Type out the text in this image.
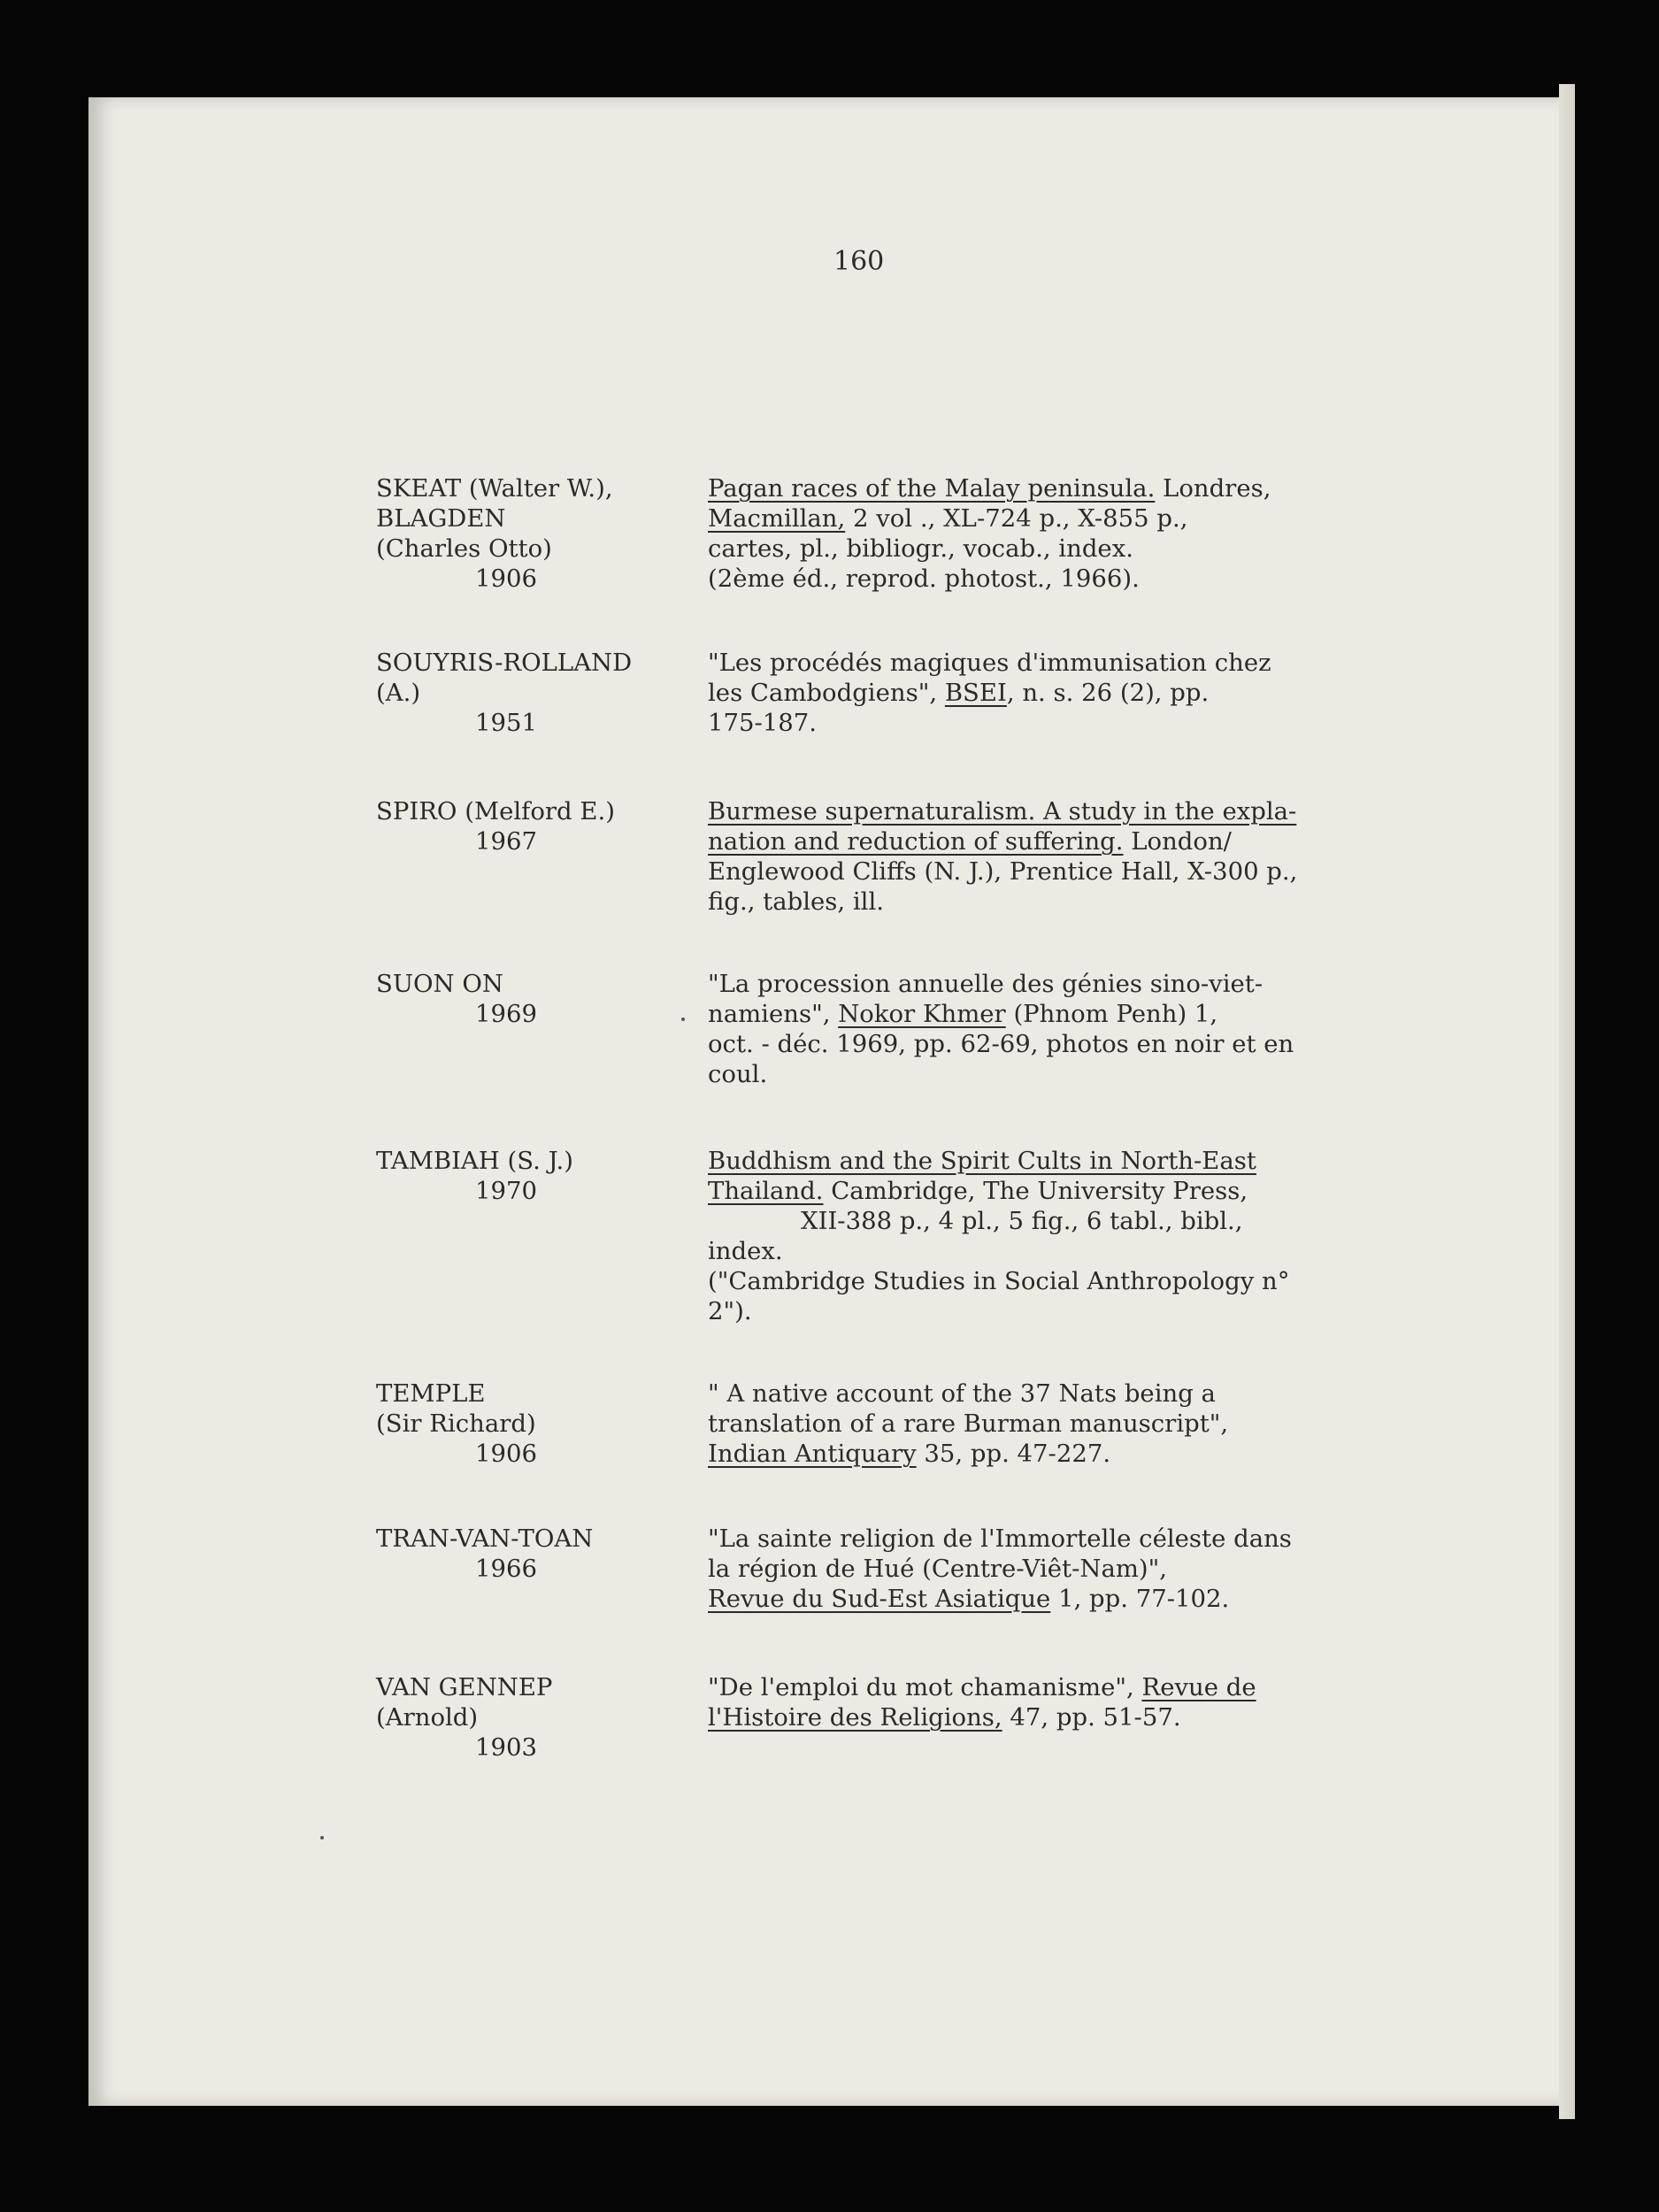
160
SKEAT (Walter W.),
BLAGDEN
(Charles Otto)
1906
Pagan races of the Malay peninsula. Londres,
Macmillan, 2 vol ., XL-724 p., X-855 p.,
cartes, pl., bibliogr., vocab., index.
(2ème éd., reprod. photost., 1966).
SOUYRIS-ROLLAND
(A.)
1951
"Les procédés magiques d'immunisation chez
les Cambodgiens", BSEI, n. s. 26 (2), pp.
175-187.
SPIRO (Melford E.)
1967
Burmese supernaturalism. A study in the expla-
nation and reduction of suffering. London/
Englewood Cliffs (N. J.), Prentice Hall, X-300 p.,
fig., tables, ill.
SUON ON
1969
"La procession annuelle des génies sino-viet-
namiens", Nokor Khmer (Phnom Penh) 1,
oct. - déc. 1969, pp. 62-69, photos en noir et en
coul.
TAMBIAH (S. J.)
1970
Buddhism and the Spirit Cults in North-East
Thailand. Cambridge, The University Press,
XII-388 p., 4 pl., 5 fig., 6 tabl., bibl.,
index.
("Cambridge Studies in Social Anthropology n°
2").
TEMPLE
(Sir Richard)
1906
" A native account of the 37 Nats being a
translation of a rare Burman manuscript",
Indian Antiquary 35, pp. 47-227.
TRAN-VAN-TOAN
1966
"La sainte religion de l'Immortelle céleste dans
la région de Hué (Centre-Viêt-Nam)",
Revue du Sud-Est Asiatique 1, pp. 77-102.
VAN GENNEP
(Arnold)
1903
"De l'emploi du mot chamanisme", Revue de
l'Histoire des Religions, 47, pp. 51-57.
